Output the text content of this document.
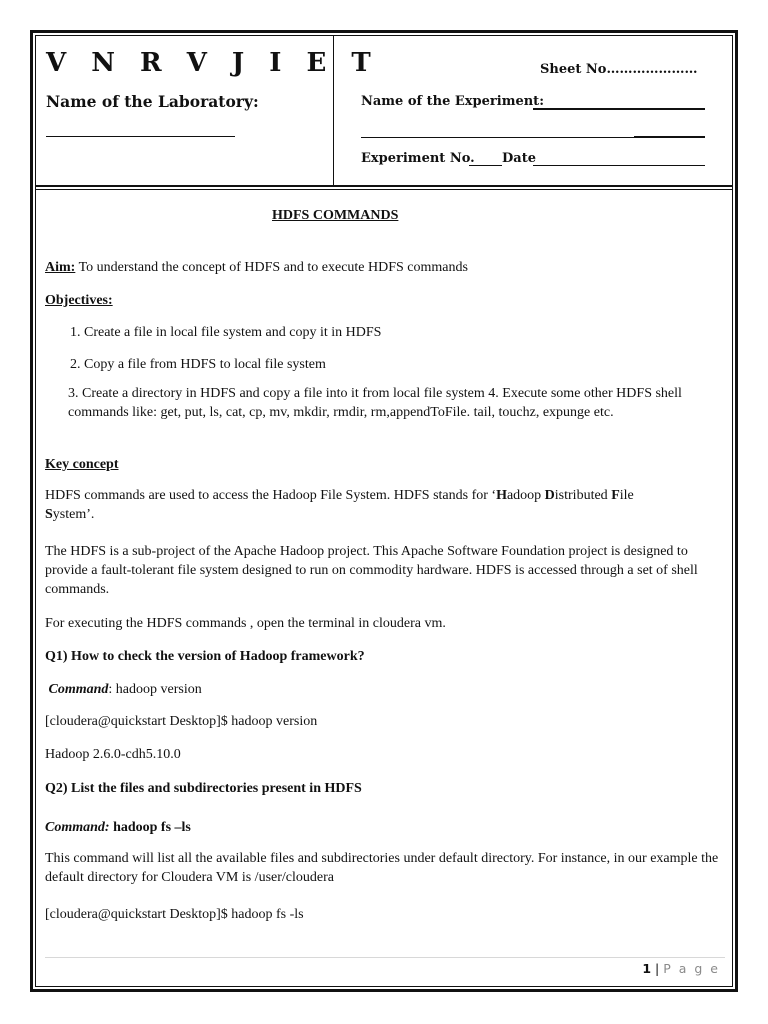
V N R V J I E T
Name of the Laboratory:
Sheet No…………………
Name of the Experiment:
Experiment No. Date
HDFS COMMANDS
Aim: To understand the concept of HDFS and to execute HDFS commands
Objectives:
1. Create a file in local file system and copy it in HDFS
2. Copy a file from HDFS to local file system
3. Create a directory in HDFS and copy a file into it from local file system 4. Execute some other HDFS shell commands like: get, put, ls, cat, cp, mv, mkdir, rmdir, rm,appendToFile. tail, touchz, expunge etc.
Key concept
HDFS commands are used to access the Hadoop File System. HDFS stands for ‘Hadoop Distributed File
System’.
The HDFS is a sub-project of the Apache Hadoop project. This Apache Software Foundation project is designed to provide a fault-tolerant file system designed to run on commodity hardware. HDFS is accessed through a set of shell commands.
For executing the HDFS commands , open the terminal in cloudera vm.
Q1) How to check the version of Hadoop framework?
Command: hadoop version
[cloudera@quickstart Desktop]$ hadoop version
Hadoop 2.6.0-cdh5.10.0
Q2) List the files and subdirectories present in HDFS
Command: hadoop fs –ls
This command will list all the available files and subdirectories under default directory. For instance, in our example the default directory for Cloudera VM is /user/cloudera
[cloudera@quickstart Desktop]$ hadoop fs -ls
1 | P a g e
